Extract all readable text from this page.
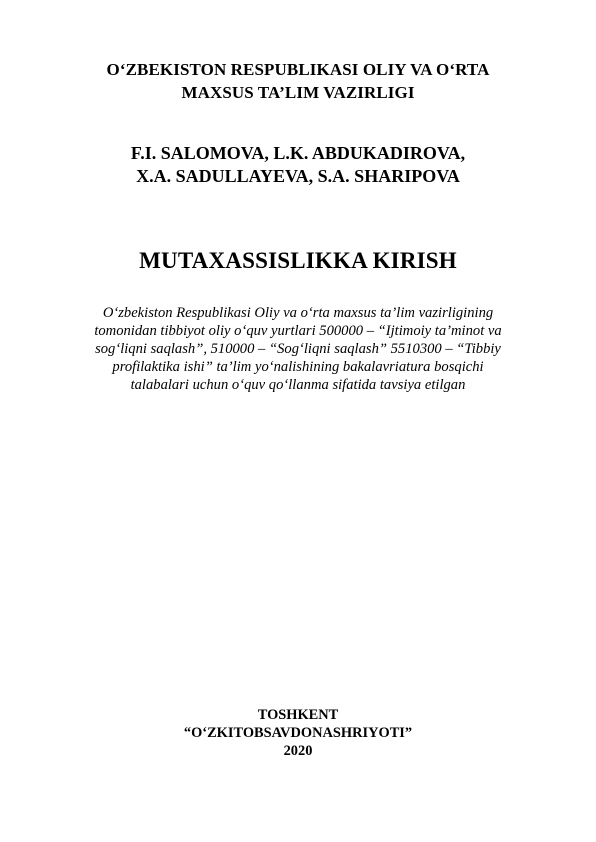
O‘ZBEKISTON RESPUBLIKASI OLIY VA O‘RTA
MAXSUS TA’LIM VAZIRLIGI
F.I. SALOMOVA, L.K. ABDUKADIROVA,
X.A. SADULLAYEVA, S.A. SHARIPOVA
MUTAXASSISLIKKA KIRISH
O‘zbekiston Respublikasi Oliy va o‘rta maxsus ta’lim vazirligining
tomonidan tibbiyot oliy o‘quv yurtlari 500000 – “Ijtimoiy ta’minot va
sog‘liqni saqlash”, 510000 – “Sog‘liqni saqlash” 5510300 – “Tibbiy
profilaktika ishi” ta’lim yo‘nalishining bakalavriatura bosqichi
talabalari uchun o‘quv qo‘llanma sifatida tavsiya etilgan
TOSHKENT
“O‘ZKITOBSAVDONASHRIYOTI”
2020
